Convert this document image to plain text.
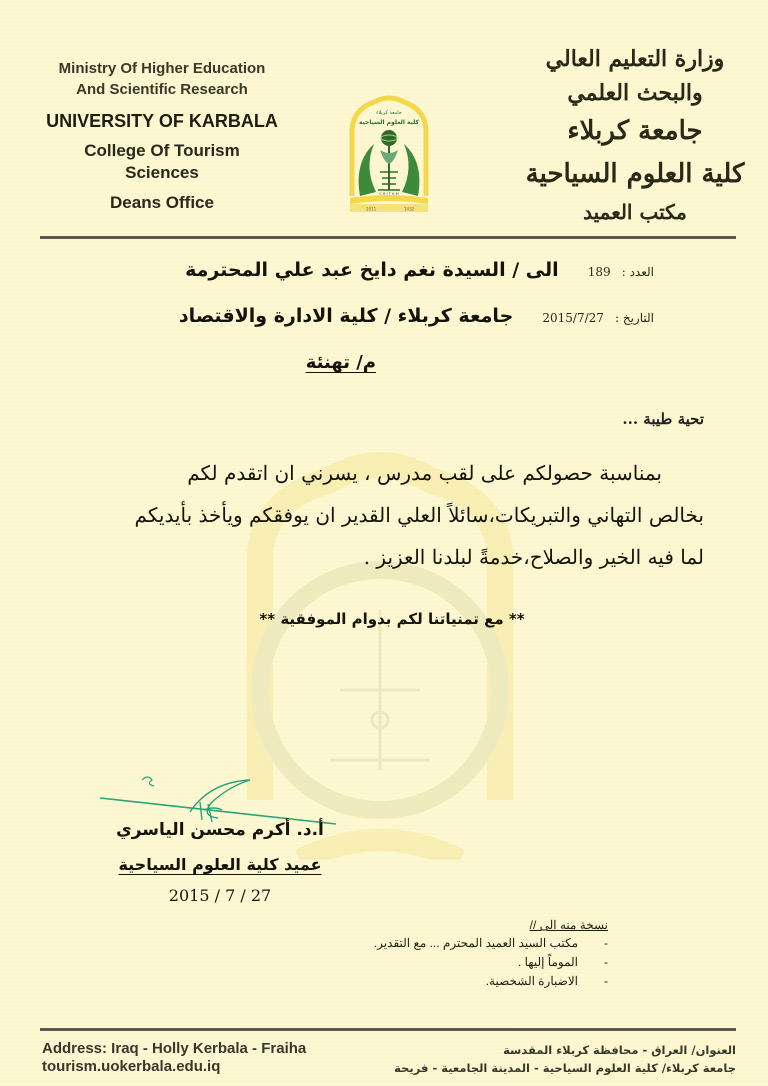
Ministry Of Higher Education
And Scientific Research
UNIVERSITY OF KARBALA
College Of Tourism Sciences
Deans Office
جامعة كربلاء
كلية العلوم السياحية
2011	1432
C R I T H M
وزارة التعليم العالي والبحث العلمي
جامعة كربلاء
كلية العلوم السياحية
مكتب العميد
العدد : 189 الى / السيدة نغم دايخ عبد علي المحترمة
التاريخ : 2015/7/27 جامعة كربلاء / كلية الادارة والاقتصاد
م/ تهنئة
تحية طيبة ...

بمناسبة حصولكم على لقب مدرس ، يسرني ان اتقدم لكم

بخالص التهاني والتبريكات،سائلاً العلي القدير ان يوفقكم ويأخذ بأيديكم

لما فيه الخير والصلاح،خدمةً لبلدنا العزيز .

** مع تمنياتنا لكم بدوام الموفقية **
أ.د. أكرم محسن الياسري
عميد كلية العلوم السياحية
2015 / 7 / 27
نسخة منه الى //
-مكتب السيد العميد المحترم ... مع التقدير.
-الموماً إليها .
-الاضبارة الشخصية.
Address: Iraq - Holly Kerbala - Fraiha
tourism.uokerbala.edu.iq
العنوان/ العراق - محافظة كربلاء المقدسة
جامعة كربلاء/ كلية العلوم السياحية - المدينة الجامعية - فريحة
